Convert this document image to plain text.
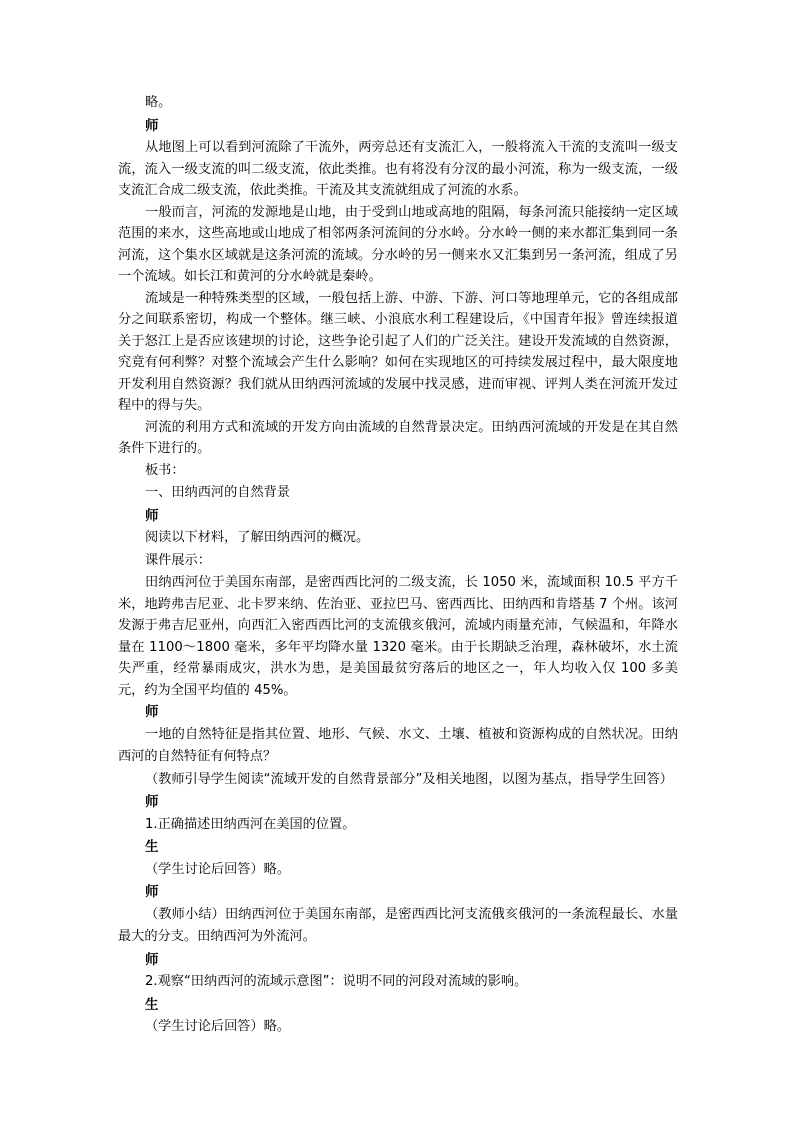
略。

师

从地图上可以看到河流除了干流外，两旁总还有支流汇入，一般将流入干流的支流叫一级支流，流入一级支流的叫二级支流，依此类推。也有将没有分汊的最小河流，称为一级支流，一级支流汇合成二级支流，依此类推。干流及其支流就组成了河流的水系。

一般而言，河流的发源地是山地，由于受到山地或高地的阻隔，每条河流只能接纳一定区域范围的来水，这些高地或山地成了相邻两条河流间的分水岭。分水岭一侧的来水都汇集到同一条河流，这个集水区域就是这条河流的流域。分水岭的另一侧来水又汇集到另一条河流，组成了另一个流域。如长江和黄河的分水岭就是秦岭。

流域是一种特殊类型的区域，一般包括上游、中游、下游、河口等地理单元，它的各组成部分之间联系密切，构成一个整体。继三峡、小浪底水利工程建设后，《中国青年报》曾连续报道关于怒江上是否应该建坝的讨论，这些争论引起了人们的广泛关注。建设开发流域的自然资源，究竟有何利弊？对整个流域会产生什么影响？如何在实现地区的可持续发展过程中，最大限度地开发利用自然资源？我们就从田纳西河流域的发展中找灵感，进而审视、评判人类在河流开发过程中的得与失。

河流的利用方式和流域的开发方向由流域的自然背景决定。田纳西河流域的开发是在其自然条件下进行的。

板书：

一、田纳西河的自然背景

师

阅读以下材料，了解田纳西河的概况。

课件展示：

田纳西河位于美国东南部，是密西西比河的二级支流，长 1050 米，流域面积 10.5 平方千米，地跨弗吉尼亚、北卡罗来纳、佐治亚、亚拉巴马、密西西比、田纳西和肯塔基 7 个州。该河发源于弗吉尼亚州，向西汇入密西西比河的支流俄亥俄河，流域内雨量充沛，气候温和，年降水量在 1100～1800 毫米，多年平均降水量 1320 毫米。由于长期缺乏治理，森林破坏，水土流失严重，经常暴雨成灾，洪水为患，是美国最贫穷落后的地区之一，年人均收入仅 100 多美元，约为全国平均值的 45%。

师

一地的自然特征是指其位置、地形、气候、水文、土壤、植被和资源构成的自然状况。田纳西河的自然特征有何特点？

（教师引导学生阅读“流域开发的自然背景部分”及相关地图，以图为基点，指导学生回答）

师

1.正确描述田纳西河在美国的位置。

生

（学生讨论后回答）略。

师

（教师小结）田纳西河位于美国东南部，是密西西比河支流俄亥俄河的一条流程最长、水量最大的分支。田纳西河为外流河。

师

2.观察“田纳西河的流域示意图”：说明不同的河段对流域的影响。

生

（学生讨论后回答）略。
